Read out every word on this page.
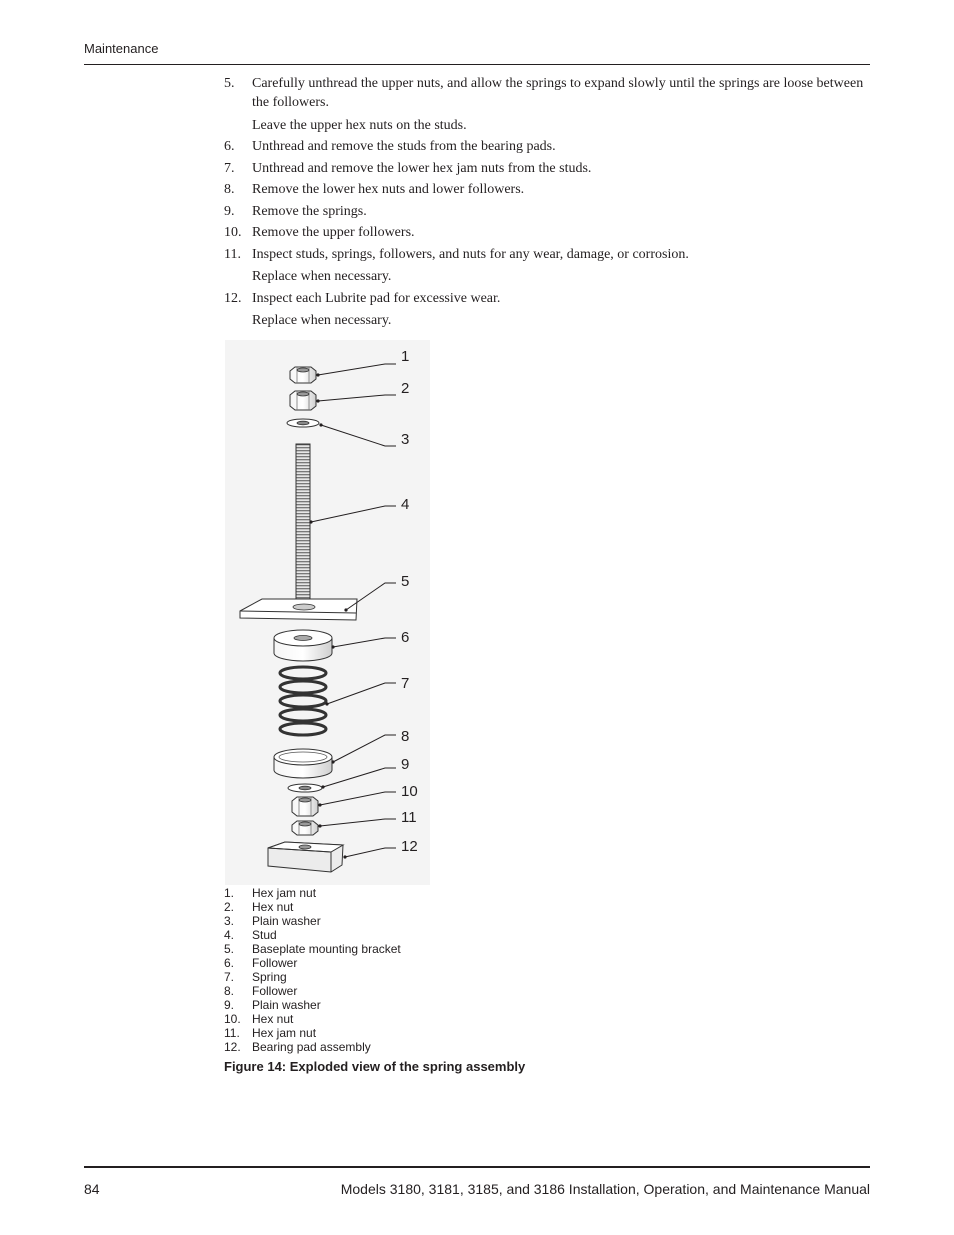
Maintenance
5.	Carefully unthread the upper nuts, and allow the springs to expand slowly until the springs are loose between the followers.
Leave the upper hex nuts on the studs.
6.	Unthread and remove the studs from the bearing pads.
7.	Unthread and remove the lower hex jam nuts from the studs.
8.	Remove the lower hex nuts and lower followers.
9.	Remove the springs.
10. Remove the upper followers.
11. Inspect studs, springs, followers, and nuts for any wear, damage, or corrosion.
Replace when necessary.
12. Inspect each Lubrite pad for excessive wear.
Replace when necessary.
1
2
3
4
5
6
7
8
9
10
11
12
1.	Hex jam nut
2.	Hex nut
3.	Plain washer
4.	Stud
5.	Baseplate mounting bracket
6.	Follower
7.	Spring
8.	Follower
9.	Plain washer
10. Hex nut
11.	Hex jam nut
12. Bearing pad assembly
Figure 14: Exploded view of the spring assembly
84	Models 3180, 3181, 3185, and 3186 Installation, Operation, and Maintenance Manual
